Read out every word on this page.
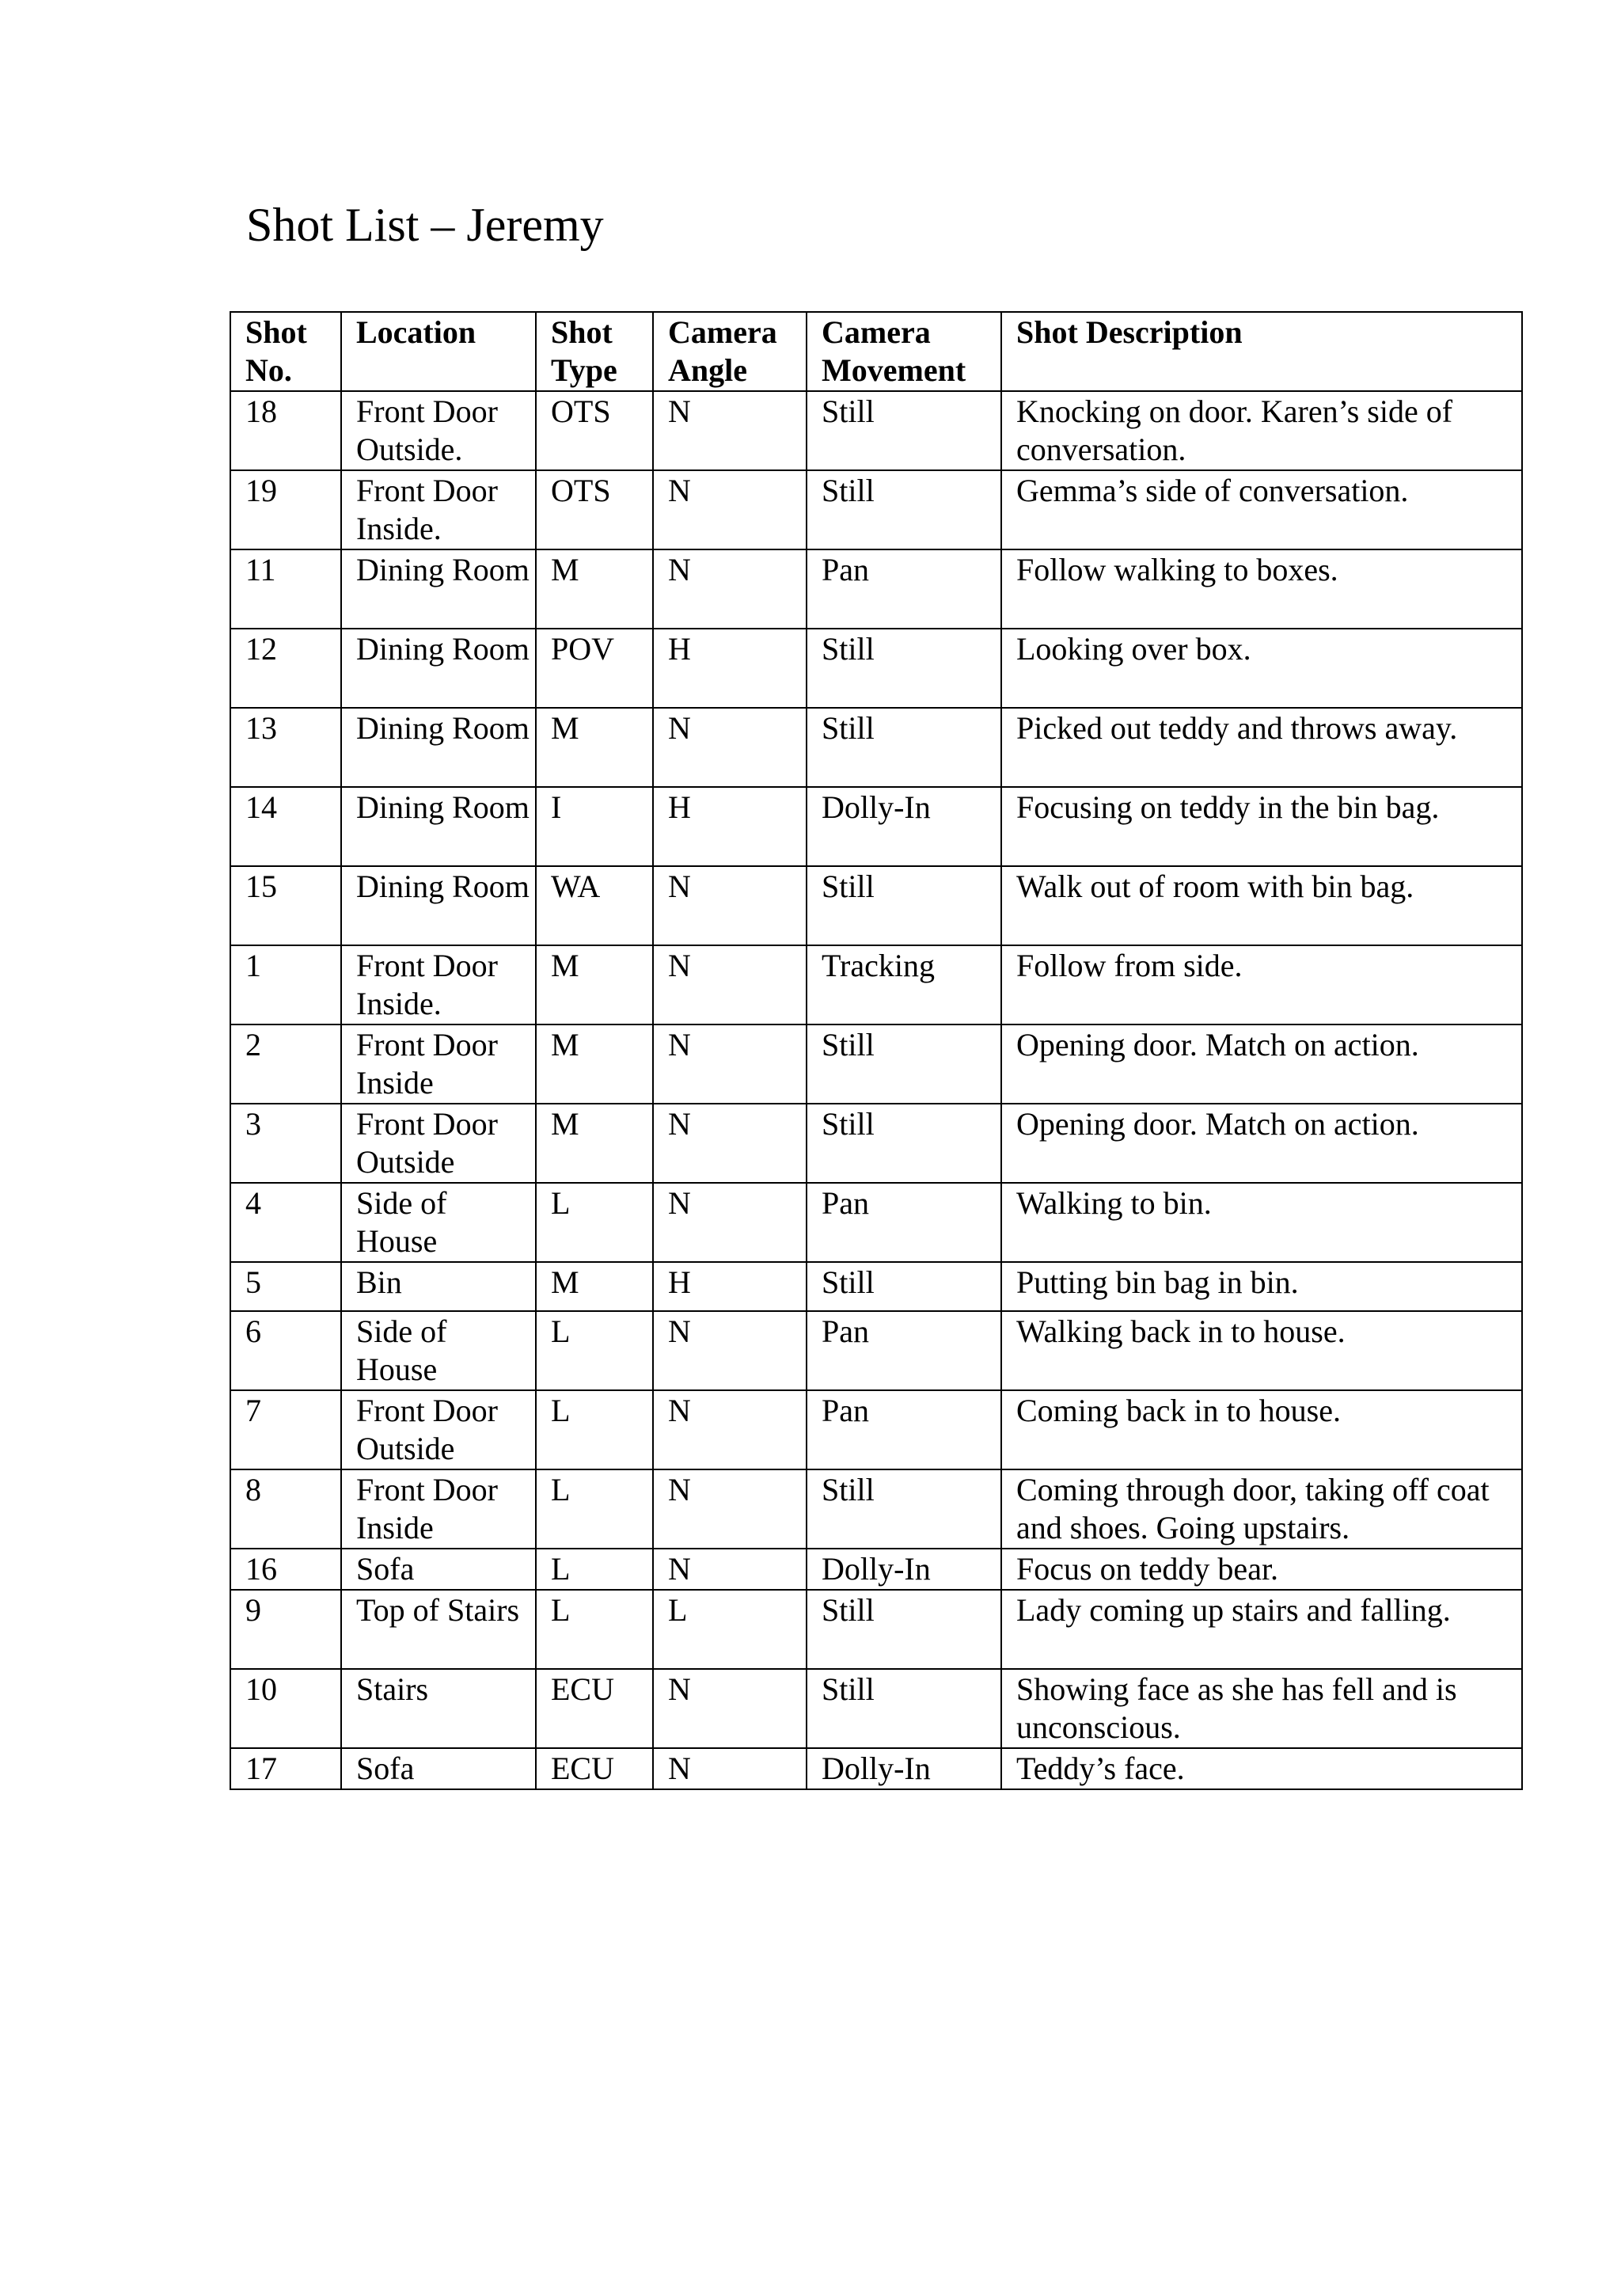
Shot List – Jeremy
Shot No.	Location	Shot Type	Camera Angle	Camera Movement	Shot Description
18	Front Door Outside.	OTS	N	Still	Knocking on door. Karen’s side of conversation.
19	Front Door Inside.	OTS	N	Still	Gemma’s side of conversation.
11	Dining Room	M	N	Pan	Follow walking to boxes.
12	Dining Room	POV	H	Still	Looking over box.
13	Dining Room	M	N	Still	Picked out teddy and throws away.
14	Dining Room	I	H	Dolly-In	Focusing on teddy in the bin bag.
15	Dining Room	WA	N	Still	Walk out of room with bin bag.
1	Front Door Inside.	M	N	Tracking	Follow from side.
2	Front Door Inside	M	N	Still	Opening door. Match on action.
3	Front Door Outside	M	N	Still	Opening door. Match on action.
4	Side of House	L	N	Pan	Walking to bin.
5	Bin	M	H	Still	Putting bin bag in bin.
6	Side of House	L	N	Pan	Walking back in to house.
7	Front Door Outside	L	N	Pan	Coming back in to house.
8	Front Door Inside	L	N	Still	Coming through door, taking off coat and shoes. Going upstairs.
16	Sofa	L	N	Dolly-In	Focus on teddy bear.
9	Top of Stairs	L	L	Still	Lady coming up stairs and falling.
10	Stairs	ECU	N	Still	Showing face as she has fell and is unconscious.
17	Sofa	ECU	N	Dolly-In	Teddy’s face.
